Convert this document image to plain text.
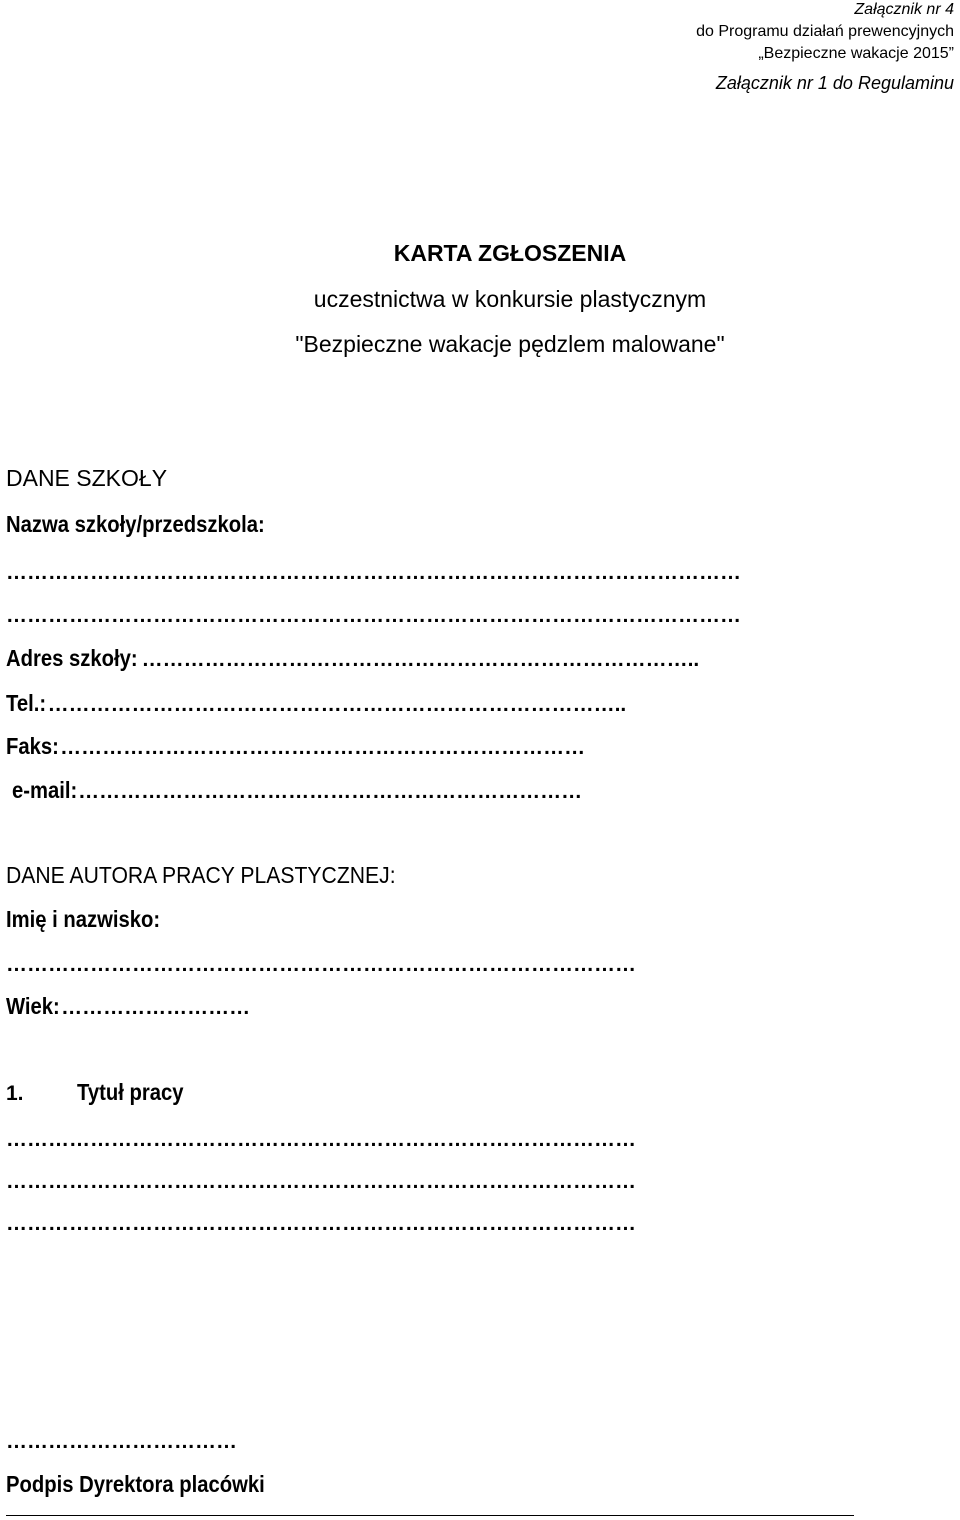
Załącznik nr 4
do Programu działań prewencyjnych
„Bezpieczne wakacje 2015”
Załącznik nr 1 do Regulaminu
KARTA ZGŁOSZENIA
uczestnictwa w konkursie plastycznym
"Bezpieczne wakacje pędzlem malowane"
DANE SZKOŁY
Nazwa szkoły/przedszkola:
……………………………………………………………………………………………
……………………………………………………………………………………………
Adres szkoły:……………………………………………………………………..
Tel.:………………………………………………………………………..
Faks:…………………………………………………………………
e-mail:………………………………………………………………
DANE AUTORA PRACY PLASTYCZNEJ:
Imię i nazwisko:
………………………………………………………………………………
Wiek:………………………
1. Tytuł pracy
………………………………………………………………………………
………………………………………………………………………………
………………………………………………………………………………
……………………………
Podpis Dyrektora placówki
